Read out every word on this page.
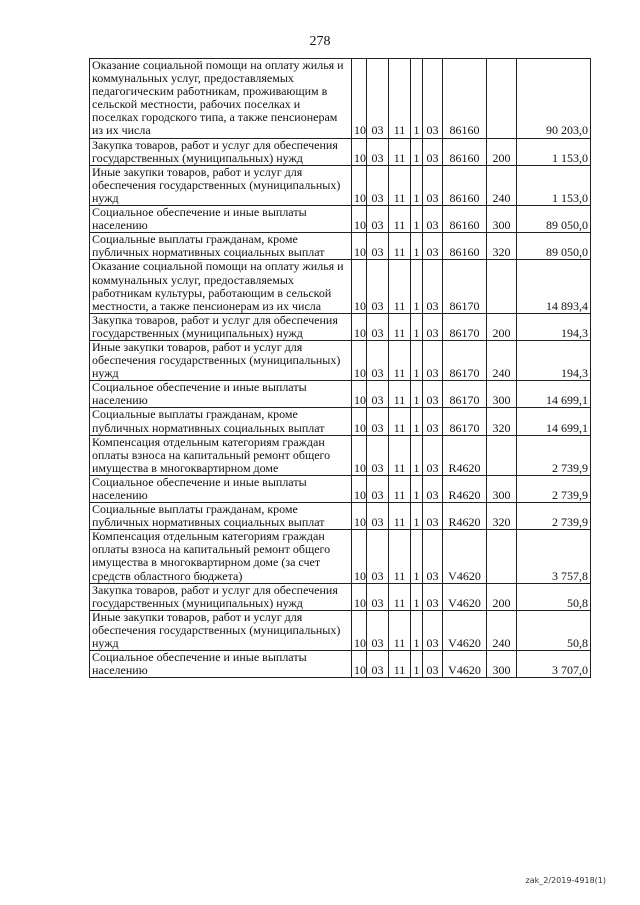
278
Оказание социальной помощи на оплату жилья и коммунальных услуг, предоставляемых педагогическим работникам, проживающим в сельской местности, рабочих поселках и поселках городского типа, а также пенсионерам из их числа	10	03	11	1	03	86160		90 203,0
Закупка товаров, работ и услуг для обеспечения государственных (муниципальных) нужд	10	03	11	1	03	86160	200	1 153,0
Иные закупки товаров, работ и услуг для обеспечения государственных (муниципальных) нужд	10	03	11	1	03	86160	240	1 153,0
Социальное обеспечение и иные выплаты населению	10	03	11	1	03	86160	300	89 050,0
Социальные выплаты гражданам, кроме публичных нормативных социальных выплат	10	03	11	1	03	86160	320	89 050,0
Оказание социальной помощи на оплату жилья и коммунальных услуг, предоставляемых работникам культуры, работающим в сельской местности, а также пенсионерам из их числа	10	03	11	1	03	86170		14 893,4
Закупка товаров, работ и услуг для обеспечения государственных (муниципальных) нужд	10	03	11	1	03	86170	200	194,3
Иные закупки товаров, работ и услуг для обеспечения государственных (муниципальных) нужд	10	03	11	1	03	86170	240	194,3
Социальное обеспечение и иные выплаты населению	10	03	11	1	03	86170	300	14 699,1
Социальные выплаты гражданам, кроме публичных нормативных социальных выплат	10	03	11	1	03	86170	320	14 699,1
Компенсация отдельным категориям граждан оплаты взноса на капитальный ремонт общего имущества в многоквартирном доме	10	03	11	1	03	R4620		2 739,9
Социальное обеспечение и иные выплаты населению	10	03	11	1	03	R4620	300	2 739,9
Социальные выплаты гражданам, кроме публичных нормативных социальных выплат	10	03	11	1	03	R4620	320	2 739,9
Компенсация отдельным категориям граждан оплаты взноса на капитальный ремонт общего имущества в многоквартирном доме (за счет средств областного бюджета)	10	03	11	1	03	V4620		3 757,8
Закупка товаров, работ и услуг для обеспечения государственных (муниципальных) нужд	10	03	11	1	03	V4620	200	50,8
Иные закупки товаров, работ и услуг для обеспечения государственных (муниципальных) нужд	10	03	11	1	03	V4620	240	50,8
Социальное обеспечение и иные выплаты населению	10	03	11	1	03	V4620	300	3 707,0
zak_2/2019-4918(1)
